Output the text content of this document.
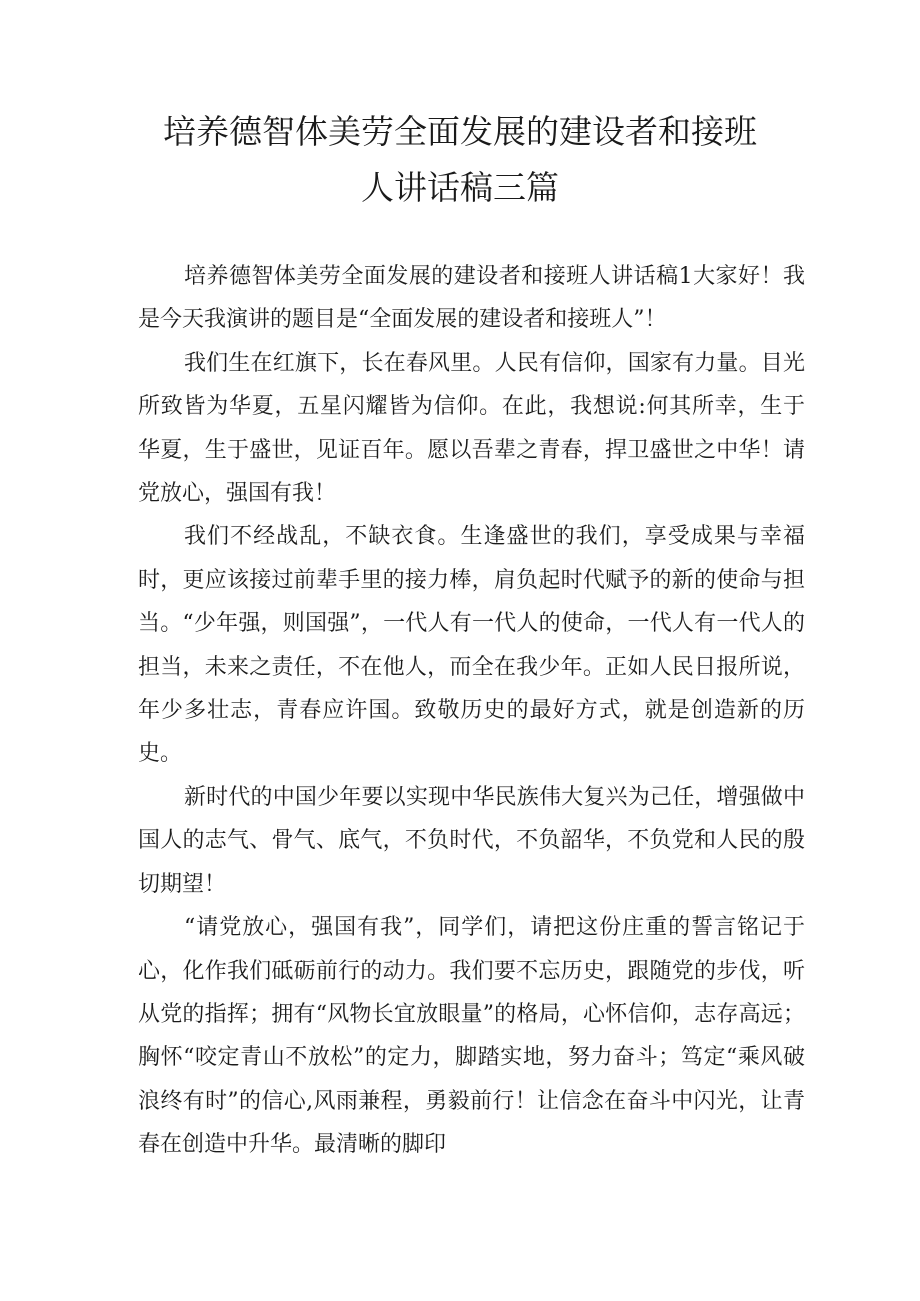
培养德智体美劳全面发展的建设者和接班
人讲话稿三篇

培养德智体美劳全面发展的建设者和接班人讲话稿1大家好！我是今天我演讲的题目是“全面发展的建设者和接班人”！

我们生在红旗下，长在春风里。人民有信仰，国家有力量。目光所致皆为华夏，五星闪耀皆为信仰。在此，我想说:何其所幸，生于华夏，生于盛世，见证百年。愿以吾辈之青春，捍卫盛世之中华！请党放心，强国有我！

我们不经战乱，不缺衣食。生逢盛世的我们，享受成果与幸福时，更应该接过前辈手里的接力棒，肩负起时代赋予的新的使命与担当。“少年强，则国强”，一代人有一代人的使命，一代人有一代人的担当，未来之责任，不在他人，而全在我少年。正如人民日报所说，年少多壮志，青春应许国。致敬历史的最好方式，就是创造新的历史。

新时代的中国少年要以实现中华民族伟大复兴为己任，增强做中国人的志气、骨气、底气，不负时代，不负韶华，不负党和人民的殷切期望！

“请党放心，强国有我”，同学们，请把这份庄重的誓言铭记于心，化作我们砥砺前行的动力。我们要不忘历史，跟随党的步伐，听从党的指挥；拥有“风物长宜放眼量”的格局，心怀信仰，志存高远；胸怀“咬定青山不放松”的定力，脚踏实地，努力奋斗；笃定“乘风破浪终有时”的信心,风雨兼程，勇毅前行！让信念在奋斗中闪光，让青春在创造中升华。最清晰的脚印
